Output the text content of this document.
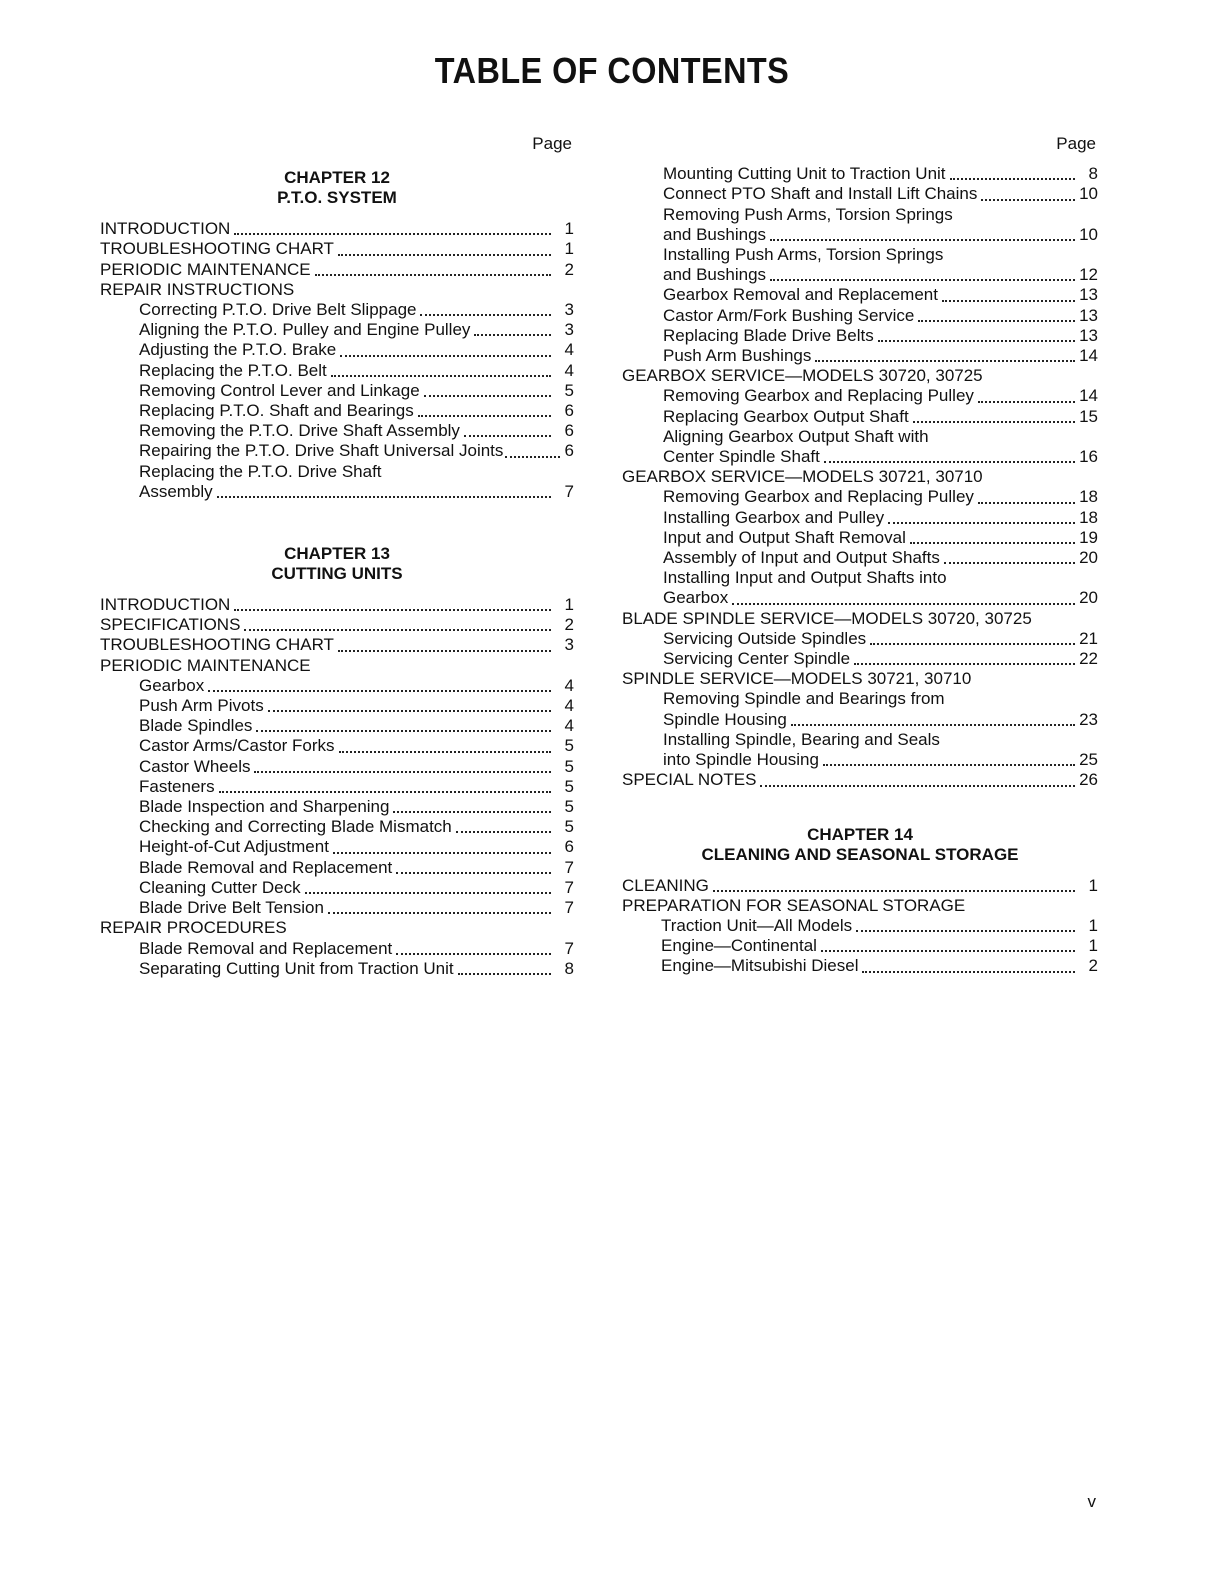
TABLE OF CONTENTS
Page
CHAPTER 12
P.T.O. SYSTEM
INTRODUCTION	1
TROUBLESHOOTING CHART	1
PERIODIC MAINTENANCE	2
REPAIR INSTRUCTIONS
Correcting P.T.O. Drive Belt Slippage	3
Aligning the P.T.O. Pulley and Engine Pulley	3
Adjusting the P.T.O. Brake	4
Replacing the P.T.O. Belt	4
Removing Control Lever and Linkage	5
Replacing P.T.O. Shaft and Bearings	6
Removing the P.T.O. Drive Shaft Assembly	6
Repairing the P.T.O. Drive Shaft Universal Joints	6
Replacing the P.T.O. Drive Shaft
Assembly	7
CHAPTER 13
CUTTING UNITS
INTRODUCTION	1
SPECIFICATIONS	2
TROUBLESHOOTING CHART	3
PERIODIC MAINTENANCE
Gearbox	4
Push Arm Pivots	4
Blade Spindles	4
Castor Arms/Castor Forks	5
Castor Wheels	5
Fasteners	5
Blade Inspection and Sharpening	5
Checking and Correcting Blade Mismatch	5
Height-of-Cut Adjustment	6
Blade Removal and Replacement	7
Cleaning Cutter Deck	7
Blade Drive Belt Tension	7
REPAIR PROCEDURES
Blade Removal and Replacement	7
Separating Cutting Unit from Traction Unit	8
Page
Mounting Cutting Unit to Traction Unit	8
Connect PTO Shaft and Install Lift Chains	10
Removing Push Arms, Torsion Springs
and Bushings	10
Installing Push Arms, Torsion Springs
and Bushings	12
Gearbox Removal and Replacement	13
Castor Arm/Fork Bushing Service	13
Replacing Blade Drive Belts	13
Push Arm Bushings	14
GEARBOX SERVICE—MODELS 30720, 30725
Removing Gearbox and Replacing Pulley	14
Replacing Gearbox Output Shaft	15
Aligning Gearbox Output Shaft with
Center Spindle Shaft	16
GEARBOX SERVICE—MODELS 30721, 30710
Removing Gearbox and Replacing Pulley	18
Installing Gearbox and Pulley	18
Input and Output Shaft Removal	19
Assembly of Input and Output Shafts	20
Installing Input and Output Shafts into
Gearbox	20
BLADE SPINDLE SERVICE—MODELS 30720, 30725
Servicing Outside Spindles	21
Servicing Center Spindle	22
SPINDLE SERVICE—MODELS 30721, 30710
Removing Spindle and Bearings from
Spindle Housing	23
Installing Spindle, Bearing and Seals
into Spindle Housing	25
SPECIAL NOTES	26
CHAPTER 14
CLEANING AND SEASONAL STORAGE
CLEANING	1
PREPARATION FOR SEASONAL STORAGE
Traction Unit—All Models	1
Engine—Continental	1
Engine—Mitsubishi Diesel	2
v
